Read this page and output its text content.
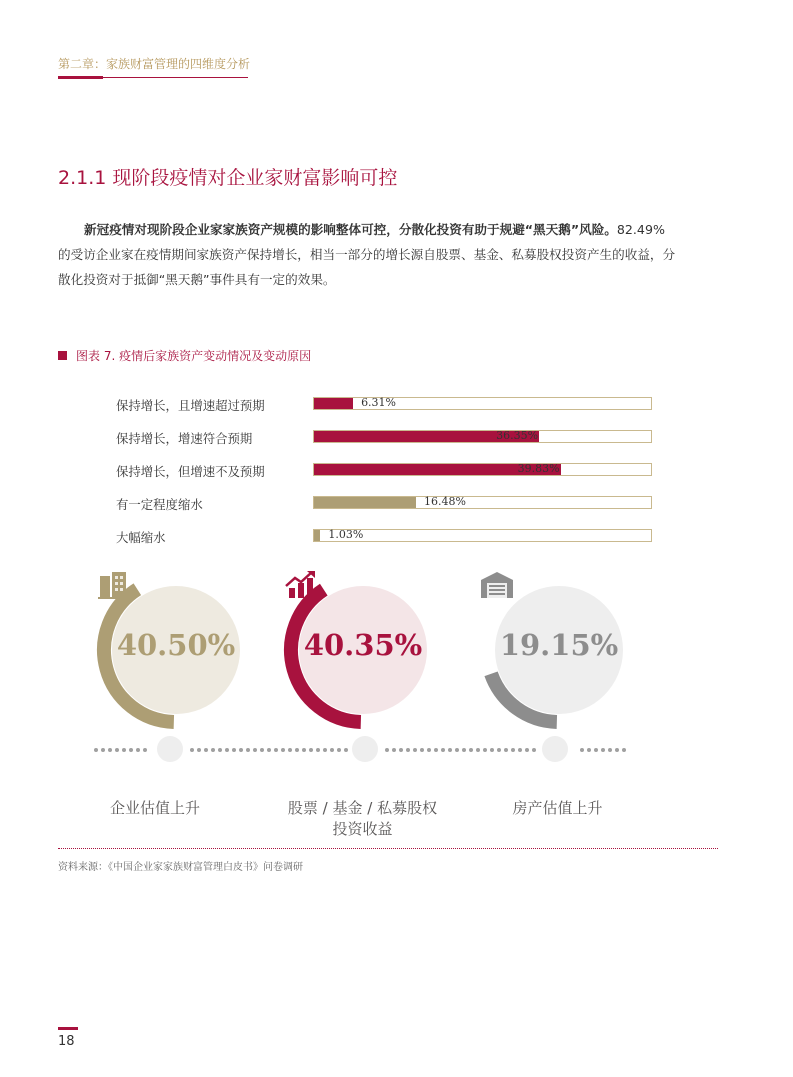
第二章：家族财富管理的四维度分析
2.1.1 现阶段疫情对企业家财富影响可控
新冠疫情对现阶段企业家家族资产规模的影响整体可控，分散化投资有助于规避“黑天鹅”风险。82.49%
的受访企业家在疫情期间家族资产保持增长，相当一部分的增长源自股票、基金、私募股权投资产生的收益，分
散化投资对于抵御“黑天鹅”事件具有一定的效果。
图表 7. 疫情后家族资产变动情况及变动原因
保持增长，且增速超过预期	6.31%
保持增长，增速符合预期	36.35%
保持增长，但增速不及预期	39.83%
有一定程度缩水	16.48%
大幅缩水	1.03%
40.50%	40.35%	19.15%
企业估值上升	股票 / 基金 / 私募股权
投资收益
房产估值上升
资料来源：《中国企业家家族财富管理白皮书》问卷调研
18
